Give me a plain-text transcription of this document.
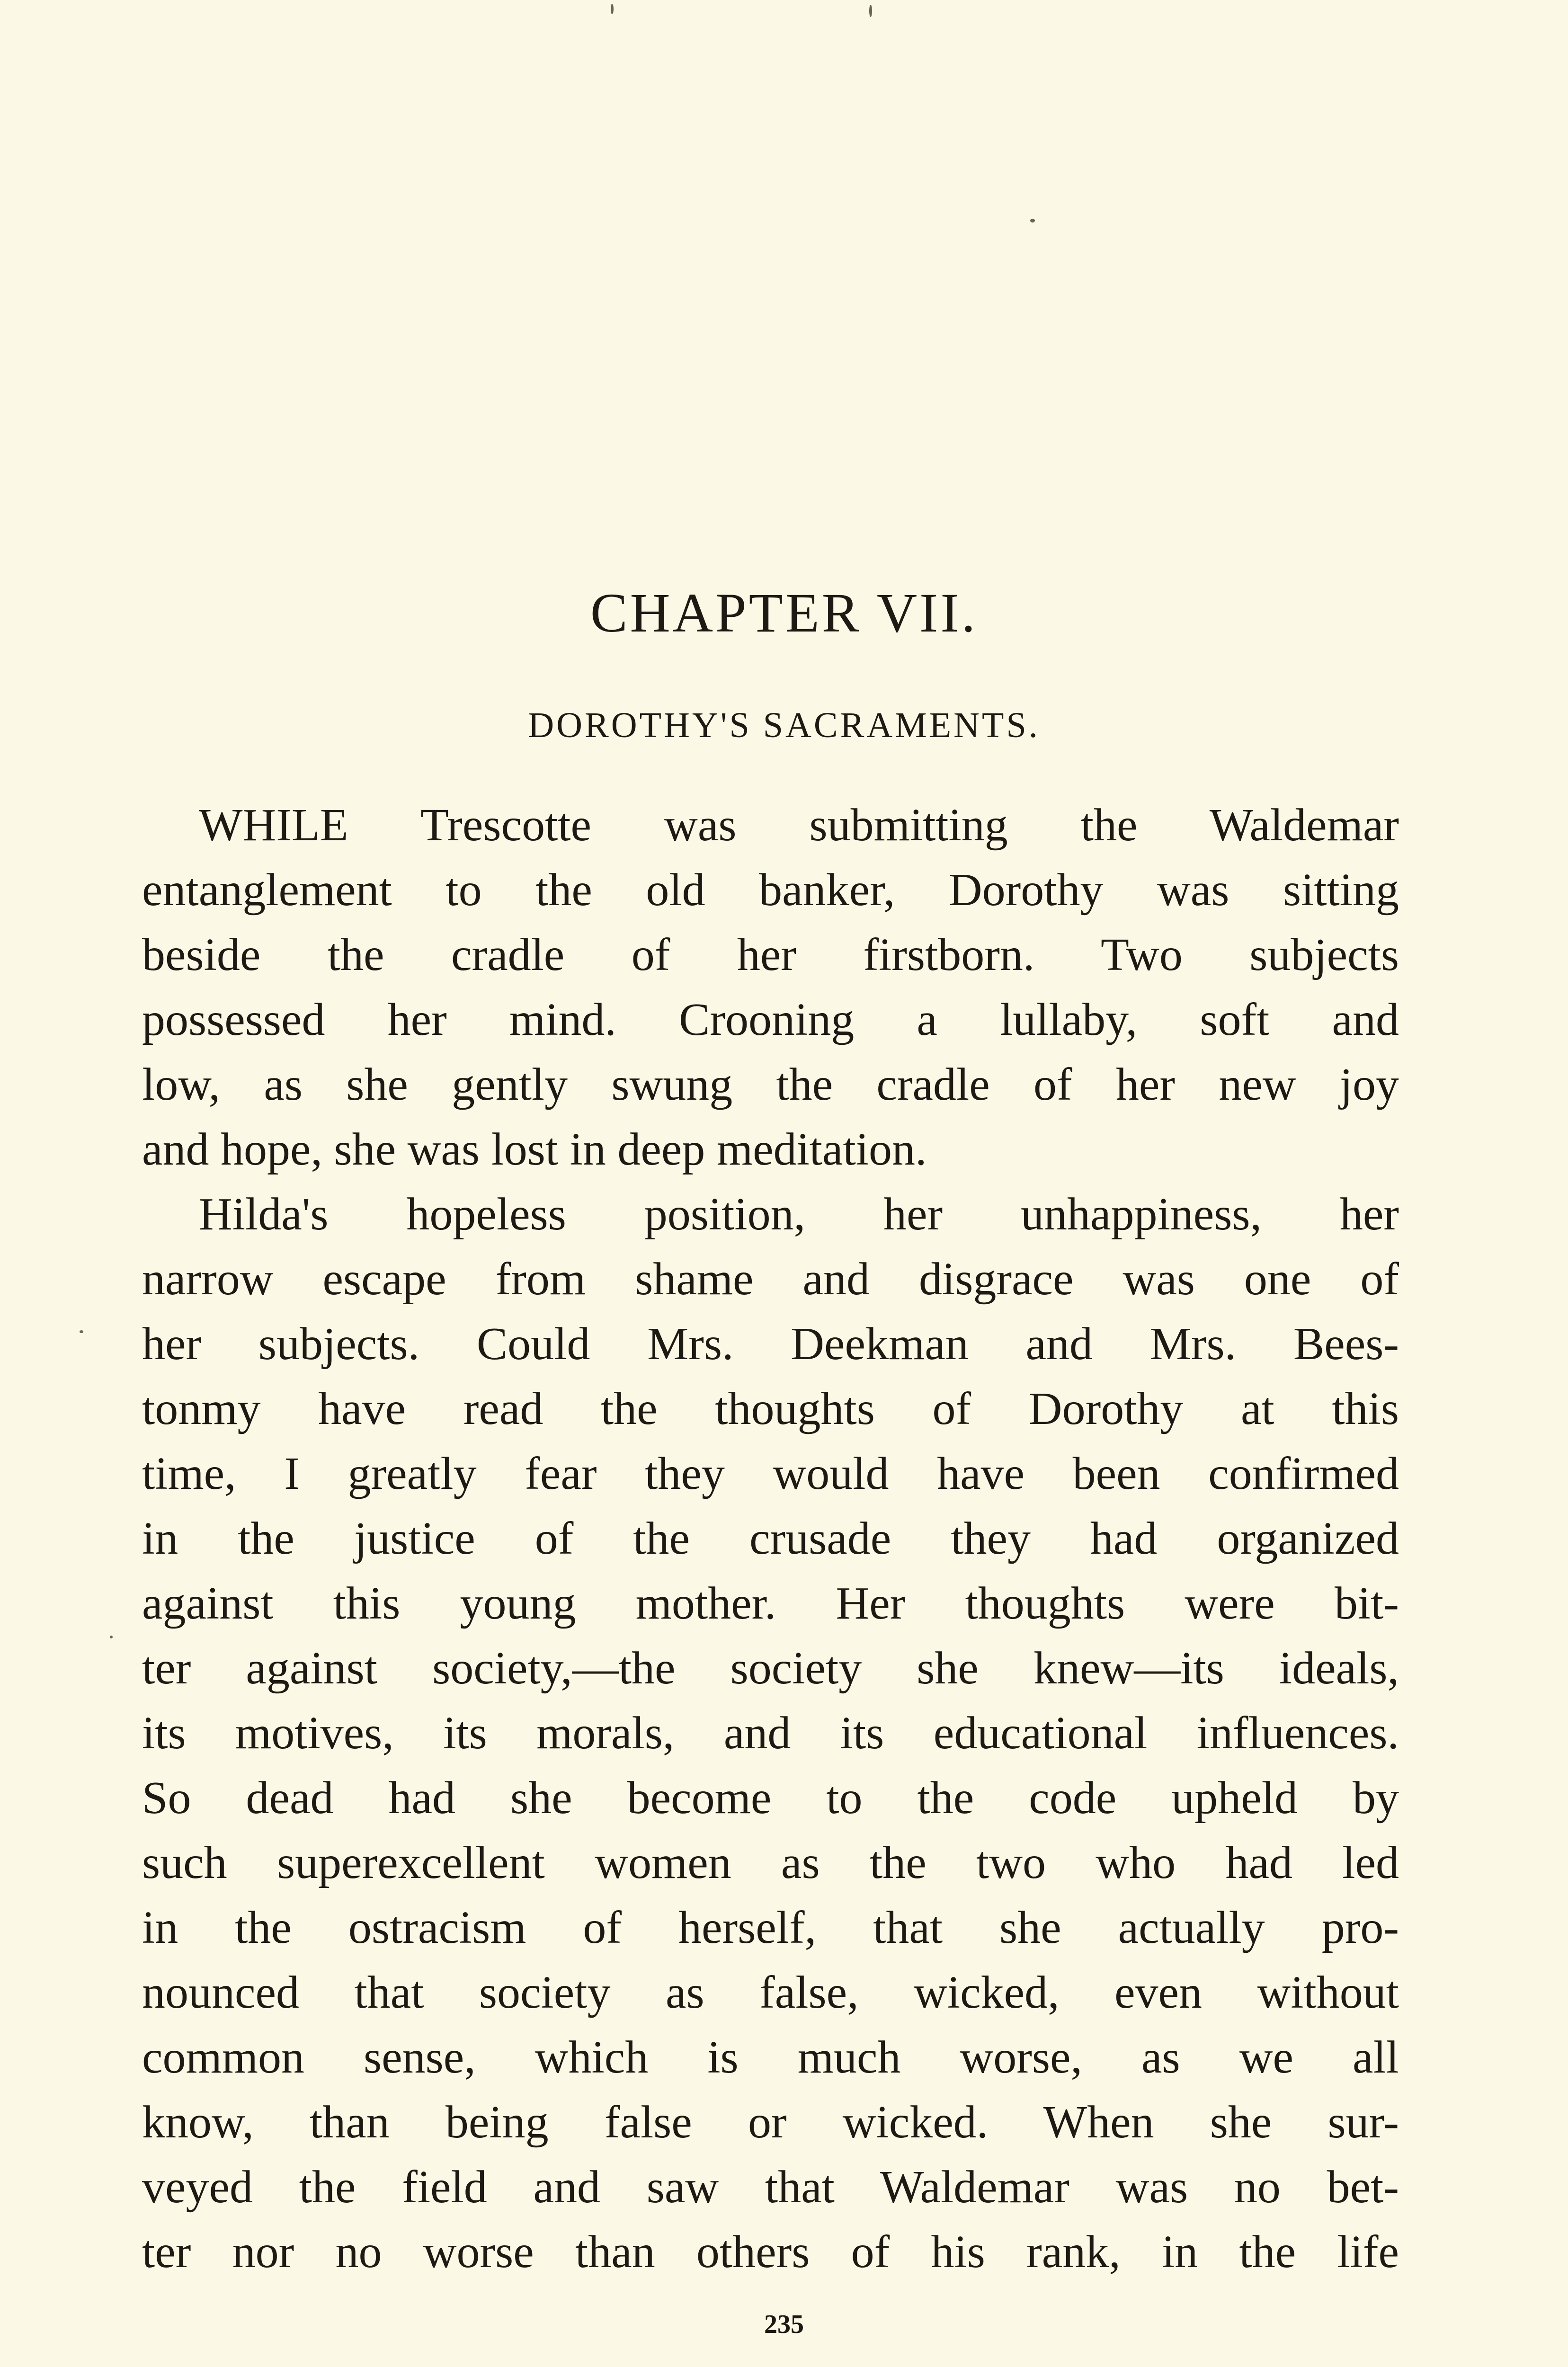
CHAPTER VII.
DOROTHY'S SACRAMENTS.
WHILE Trescotte was submitting the Waldemar
entanglement to the old banker, Dorothy was sitting
beside the cradle of her firstborn. Two subjects
possessed her mind. Crooning a lullaby, soft and
low, as she gently swung the cradle of her new joy
and hope, she was lost in deep meditation.
Hilda's hopeless position, her unhappiness, her
narrow escape from shame and disgrace was one of
her subjects. Could Mrs. Deekman and Mrs. Bees-
tonmy have read the thoughts of Dorothy at this
time, I greatly fear they would have been confirmed
in the justice of the crusade they had organized
against this young mother. Her thoughts were bit-
ter against society,—the society she knew—its ideals,
its motives, its morals, and its educational influences.
So dead had she become to the code upheld by
such superexcellent women as the two who had led
in the ostracism of herself, that she actually pro-
nounced that society as false, wicked, even without
common sense, which is much worse, as we all
know, than being false or wicked. When she sur-
veyed the field and saw that Waldemar was no bet-
ter nor no worse than others of his rank, in the life
235
